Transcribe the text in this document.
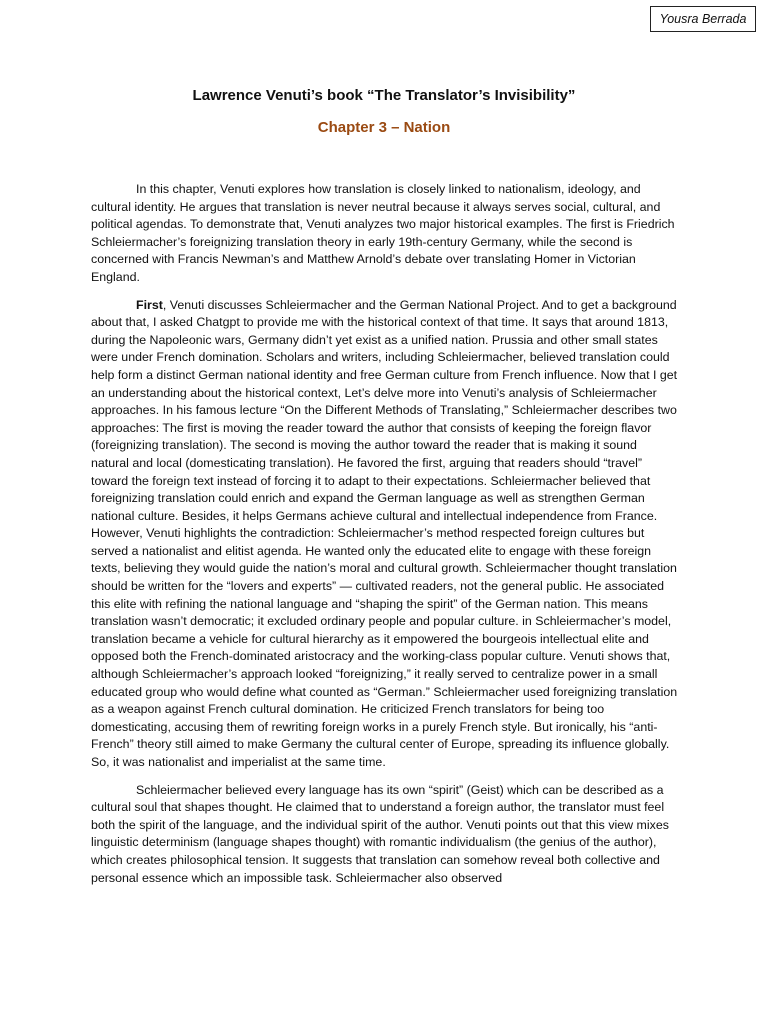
Yousra Berrada
Lawrence Venuti’s book “The Translator’s Invisibility”
Chapter 3 – Nation

In this chapter, Venuti explores how translation is closely linked to nationalism, ideology, and cultural identity. He argues that translation is never neutral because it always serves social, cultural, and political agendas. To demonstrate that, Venuti analyzes two major historical examples. The first is Friedrich Schleiermacher’s foreignizing translation theory in early 19th-century Germany, while the second is concerned with Francis Newman’s and Matthew Arnold’s debate over translating Homer in Victorian England.

First, Venuti discusses Schleiermacher and the German National Project. And to get a background about that, I asked Chatgpt to provide me with the historical context of that time. It says that around 1813, during the Napoleonic wars, Germany didn’t yet exist as a unified nation. Prussia and other small states were under French domination. Scholars and writers, including Schleiermacher, believed translation could help form a distinct German national identity and free German culture from French influence. Now that I get an understanding about the historical context, Let’s delve more into Venuti’s analysis of Schleiermacher approaches. In his famous lecture “On the Different Methods of Translating,” Schleiermacher describes two approaches: The first is moving the reader toward the author that consists of keeping the foreign flavor (foreignizing translation). The second is moving the author toward the reader that is making it sound natural and local (domesticating translation). He favored the first, arguing that readers should “travel” toward the foreign text instead of forcing it to adapt to their expectations. Schleiermacher believed that foreignizing translation could enrich and expand the German language as well as strengthen German national culture. Besides, it helps Germans achieve cultural and intellectual independence from France. However, Venuti highlights the contradiction: Schleiermacher’s method respected foreign cultures but served a nationalist and elitist agenda. He wanted only the educated elite to engage with these foreign texts, believing they would guide the nation’s moral and cultural growth. Schleiermacher thought translation should be written for the “lovers and experts” — cultivated readers, not the general public. He associated this elite with refining the national language and “shaping the spirit” of the German nation. This means translation wasn’t democratic; it excluded ordinary people and popular culture. in Schleiermacher’s model, translation became a vehicle for cultural hierarchy as it empowered the bourgeois intellectual elite and opposed both the French-dominated aristocracy and the working-class popular culture. Venuti shows that, although Schleiermacher’s approach looked “foreignizing,” it really served to centralize power in a small educated group who would define what counted as “German.” Schleiermacher used foreignizing translation as a weapon against French cultural domination. He criticized French translators for being too domesticating, accusing them of rewriting foreign works in a purely French style. But ironically, his “anti-French” theory still aimed to make Germany the cultural center of Europe, spreading its influence globally. So, it was nationalist and imperialist at the same time.

Schleiermacher believed every language has its own “spirit” (Geist) which can be described as a cultural soul that shapes thought. He claimed that to understand a foreign author, the translator must feel both the spirit of the language, and the individual spirit of the author. Venuti points out that this view mixes linguistic determinism (language shapes thought) with romantic individualism (the genius of the author), which creates philosophical tension. It suggests that translation can somehow reveal both collective and personal essence which an impossible task. Schleiermacher also observed
